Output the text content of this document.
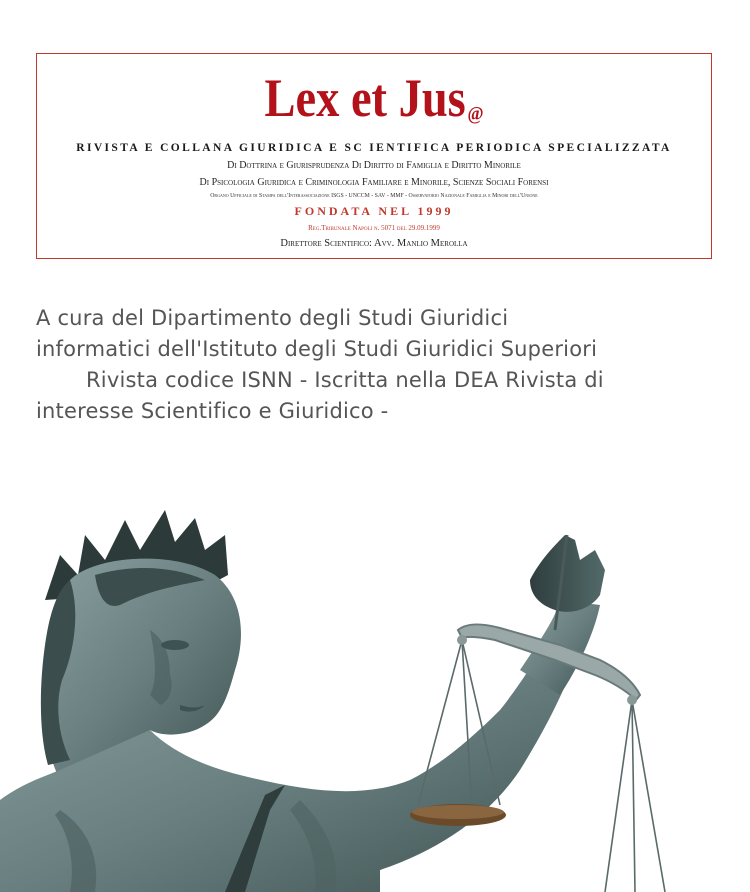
Lex et Jus@
RIVISTA E COLLANA GIURIDICA E SC IENTIFICA PERIODICA SPECIALIZZATA
Di Dottrina e Giurisprudenza Di Diritto di Famiglia e Diritto Minorile
Di Psicologia Giuridica e Criminologia Familiare e Minorile, Scienze Sociali Forensi
Organo Ufficiale di Stampa dell'Interassociazione ISGS - UNCCM - SAV - MMF - Osservatorio Nazionale Famiglia e Minori dell'Unione
FONDATA NEL 1999
Reg.Tribunale Napoli n. 5071 del 29.09.1999
Direttore Scientifico: Avv. Manlio Merolla
A cura del Dipartimento degli Studi Giuridici
informatici dell'Istituto degli Studi Giuridici Superiori
Rivista codice ISNN - Iscritta nella DEA Rivista di
interesse Scientifico e Giuridico -
